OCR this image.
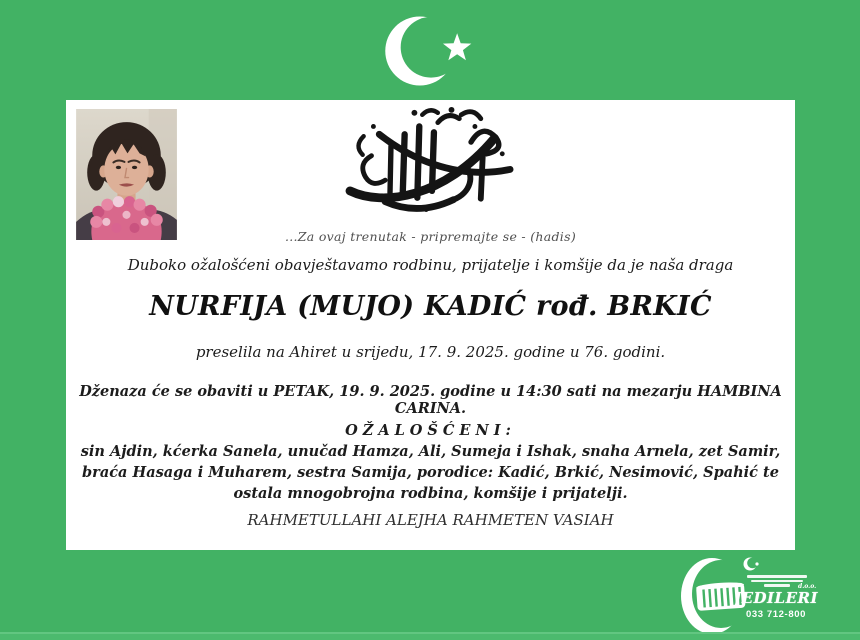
...Za ovaj trenutak - pripremajte se - (hadis)
Duboko ožalošćeni obavještavamo rodbinu, prijatelje i komšije da je naša draga
NURFIJA (MUJO) KADIĆ rođ. BRKIĆ
preselila na Ahiret u srijedu, 17. 9. 2025. godine u 76. godini.
Dženaza će se obaviti u PETAK, 19. 9. 2025. godine u 14:30 sati na mezarju HAMBINA CARINA.
OŽALOŠĆENI:
sin Ajdin, kćerka Sanela, unučad Hamza, Ali, Sumeja i Ishak, snaha Arnela, zet Samir, braća Hasaga i Muharem, sestra Samija, porodice: Kadić, Brkić, Nesimović, Spahić te ostala mnogobrojna rodbina, komšije i prijatelji.
RAHMETULLAHI ALEJHA RAHMETEN VASIAH
JEDILERI
d.o.o.
033 712-800
